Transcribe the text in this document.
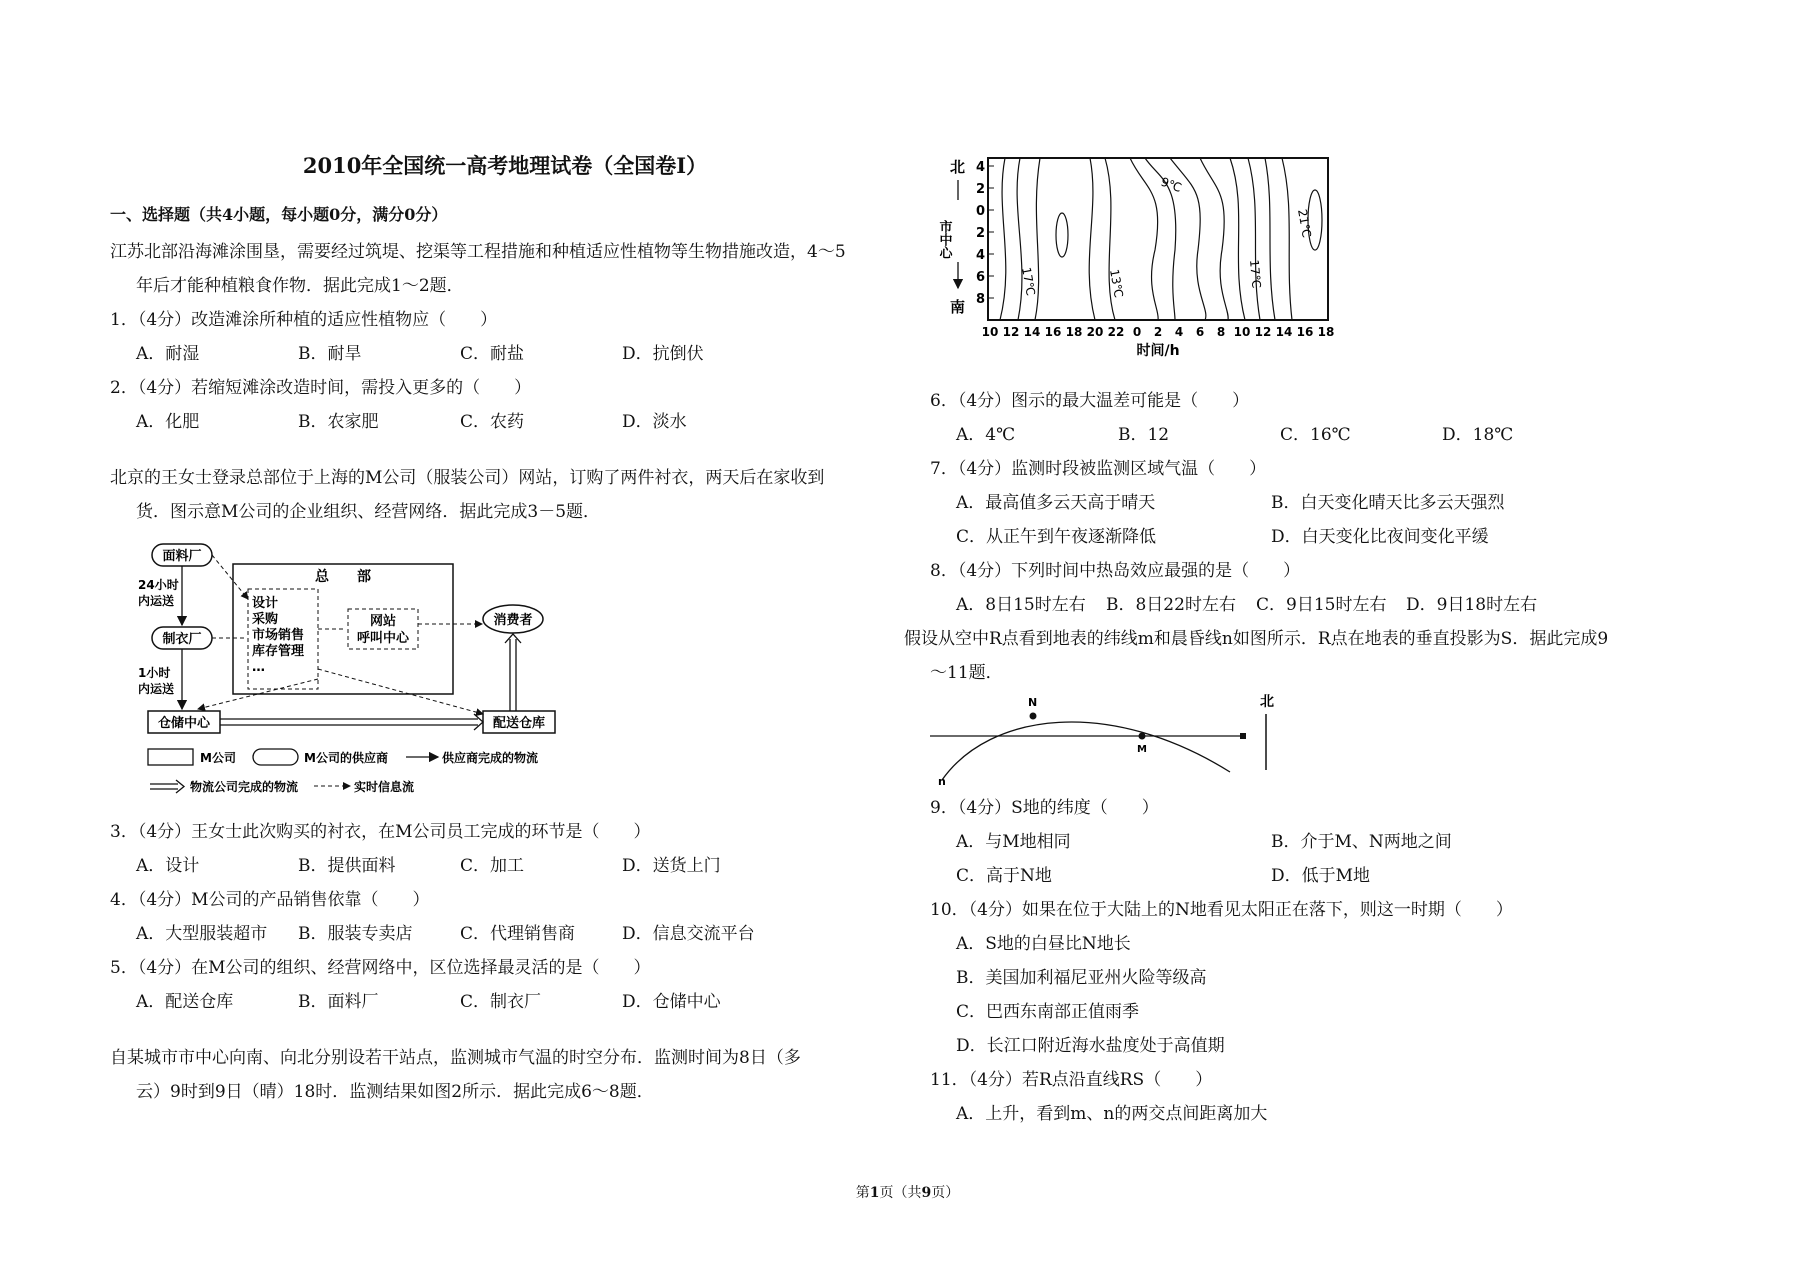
2010年全国统一高考地理试卷（全国卷Ⅰ）
一、选择题（共4小题，每小题0分，满分0分）

江苏北部沿海滩涂围垦，需要经过筑堤、挖渠等工程措施和种植适应性植物等生物措施改造，4～5
年后才能种植粮食作物．据此完成1～2题．

1．（4分）改造滩涂所种植的适应性植物应（　　）
A．耐湿	B．耐旱	C．耐盐	D．抗倒伏
2．（4分）若缩短滩涂改造时间，需投入更多的（　　）
A．化肥	B．农家肥	C．农药	D．淡水

北京的王女士登录总部位于上海的M公司（服装公司）网站，订购了两件衬衣，两天后在家收到
货．图示意M公司的企业组织、经营网络．据此完成3－5题．

总　　部
设计
采购
市场销售
库存管理
…
网站
呼叫中心
面料厂
制衣厂
仓储中心	配送仓库
消费者
24小时
内运送
1小时
内运送
M公司	M公司的供应商	供应商完成的物流
物流公司完成的物流	实时信息流
3．（4分）王女士此次购买的衬衣，在M公司员工完成的环节是（　　）
A．设计	B．提供面料	C．加工	D．送货上门
4．（4分）M公司的产品销售依靠（　　）
A．大型服装超市	B．服装专卖店	C．代理销售商	D．信息交流平台
5．（4分）在M公司的组织、经营网络中，区位选择最灵活的是（　　）
A．配送仓库	B．面料厂	C．制衣厂	D．仓储中心

自某城市市中心向南、向北分别设若干站点，监测城市气温的时空分布．监测时间为8日（多
云）9时到9日（晴）18时．监测结果如图2所示．据此完成6～8题．

北
市中心
南
4
2
0
2
4
6
8
10 12 14 16 18 20 22 0 2 4 6 8 10 12 14 16 18
时间/h
9℃
13℃
17℃	17℃
21℃
6．（4分）图示的最大温差可能是（　　）
A．4℃	B．12	C．16℃	D．18℃
7．（4分）监测时段被监测区域气温（　　）
A．最高值多云天高于晴天	B．白天变化晴天比多云天强烈
C．从正午到午夜逐渐降低	D．白天变化比夜间变化平缓
8．（4分）下列时间中热岛效应最强的是（　　）
A．8日15时左右	B．8日22时左右	C．9日15时左右	D．9日18时左右

假设从空中R点看到地表的纬线m和晨昏线n如图所示．R点在地表的垂直投影为S．据此完成9
～11题．

N
M
n
北
9．（4分）S地的纬度（　　）
A．与M地相同	B．介于M、N两地之间
C．高于N地	D．低于M地
10．（4分）如果在位于大陆上的N地看见太阳正在落下，则这一时期（　　）
A．S地的白昼比N地长
B．美国加利福尼亚州火险等级高
C．巴西东南部正值雨季
D．长江口附近海水盐度处于高值期
11．（4分）若R点沿直线RS（　　）
A．上升，看到m、n的两交点间距离加大
第1页（共9页）
